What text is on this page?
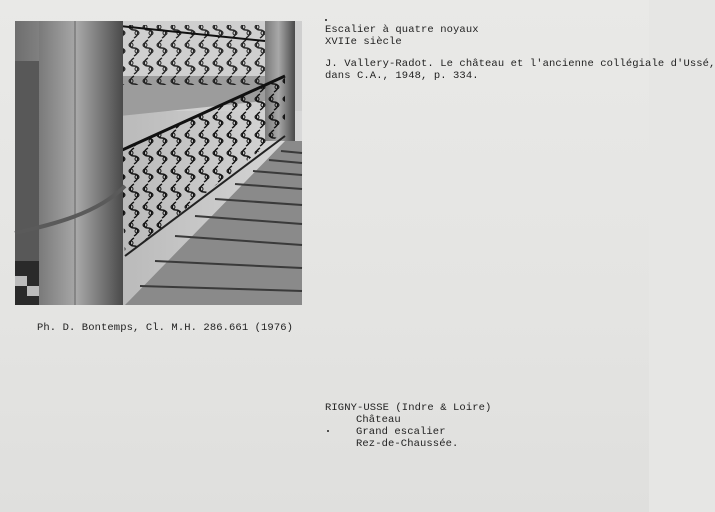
Escalier à quatre noyaux
XVIIe siècle
J. Vallery-Radot. Le château et l'ancienne collégiale d'Ussé,
dans C.A., 1948, p. 334.
Ph. D. Bontemps, Cl. M.H. 286.661 (1976)
RIGNY-USSE (Indre & Loire)
Château
Grand escalier
Rez-de-Chaussée.
